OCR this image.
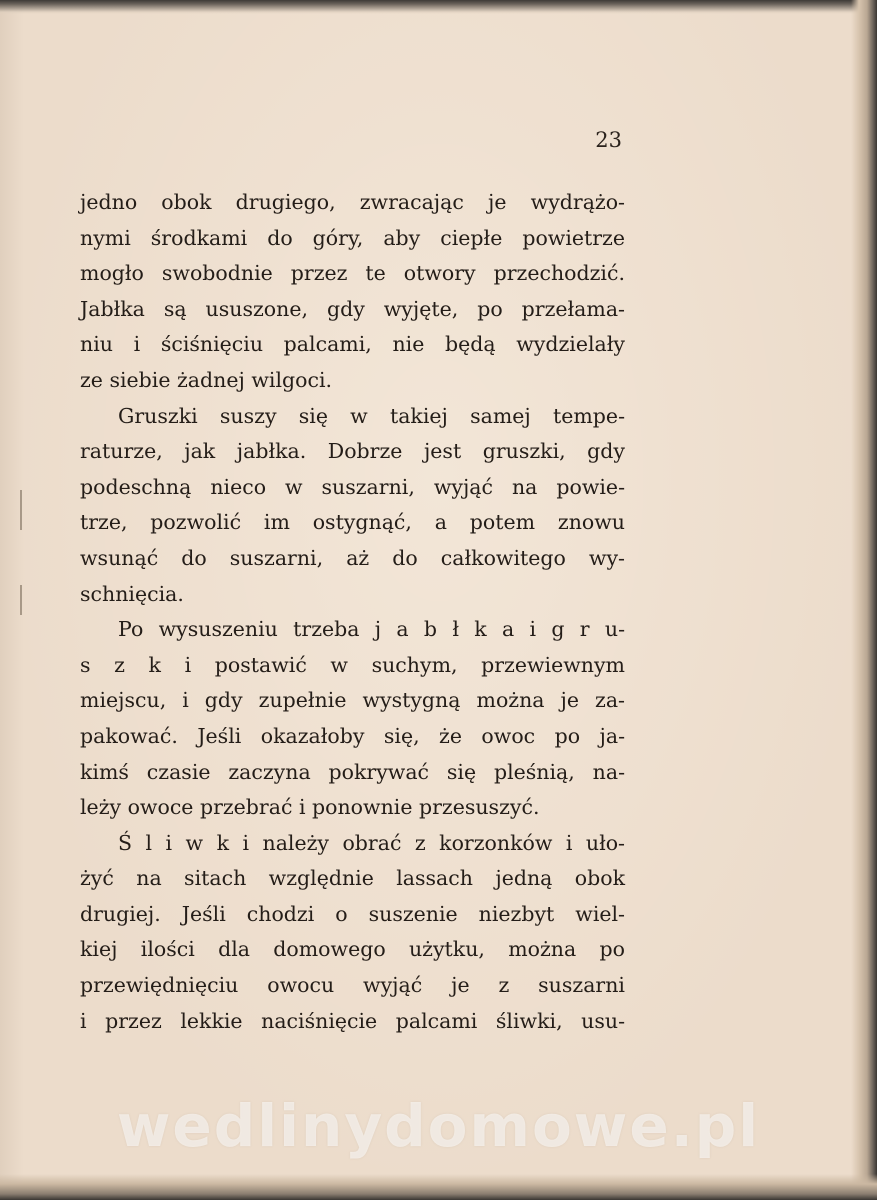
23

jedno obok drugiego, zwracając je wydrążo-
nymi środkami do góry, aby ciepłe powietrze
mogło swobodnie przez te otwory przechodzić.
Jabłka są ususzone, gdy wyjęte, po przełama-
niu i ściśnięciu palcami, nie będą wydzielały
ze siebie żadnej wilgoci.
Gruszki suszy się w takiej samej tempe-
raturze, jak jabłka. Dobrze jest gruszki, gdy
podeschną nieco w suszarni, wyjąć na powie-
trze, pozwolić im ostygnąć, a potem znowu
wsunąć do suszarni, aż do całkowitego wy-
schnięcia.
Po wysuszeniu trzeba j a b ł k a i g r u-
s z k i postawić w suchym, przewiewnym
miejscu, i gdy zupełnie wystygną można je za-
pakować. Jeśli okazałoby się, że owoc po ja-
kimś czasie zaczyna pokrywać się pleśnią, na-
leży owoce przebrać i ponownie przesuszyć.
Ś l i w k i należy obrać z korzonków i uło-
żyć na sitach względnie lassach jedną obok
drugiej. Jeśli chodzi o suszenie niezbyt wiel-
kiej ilości dla domowego użytku, można po
przewiędnięciu owocu wyjąć je z suszarni
i przez lekkie naciśnięcie palcami śliwki, usu-

wedlinydomowe.pl
